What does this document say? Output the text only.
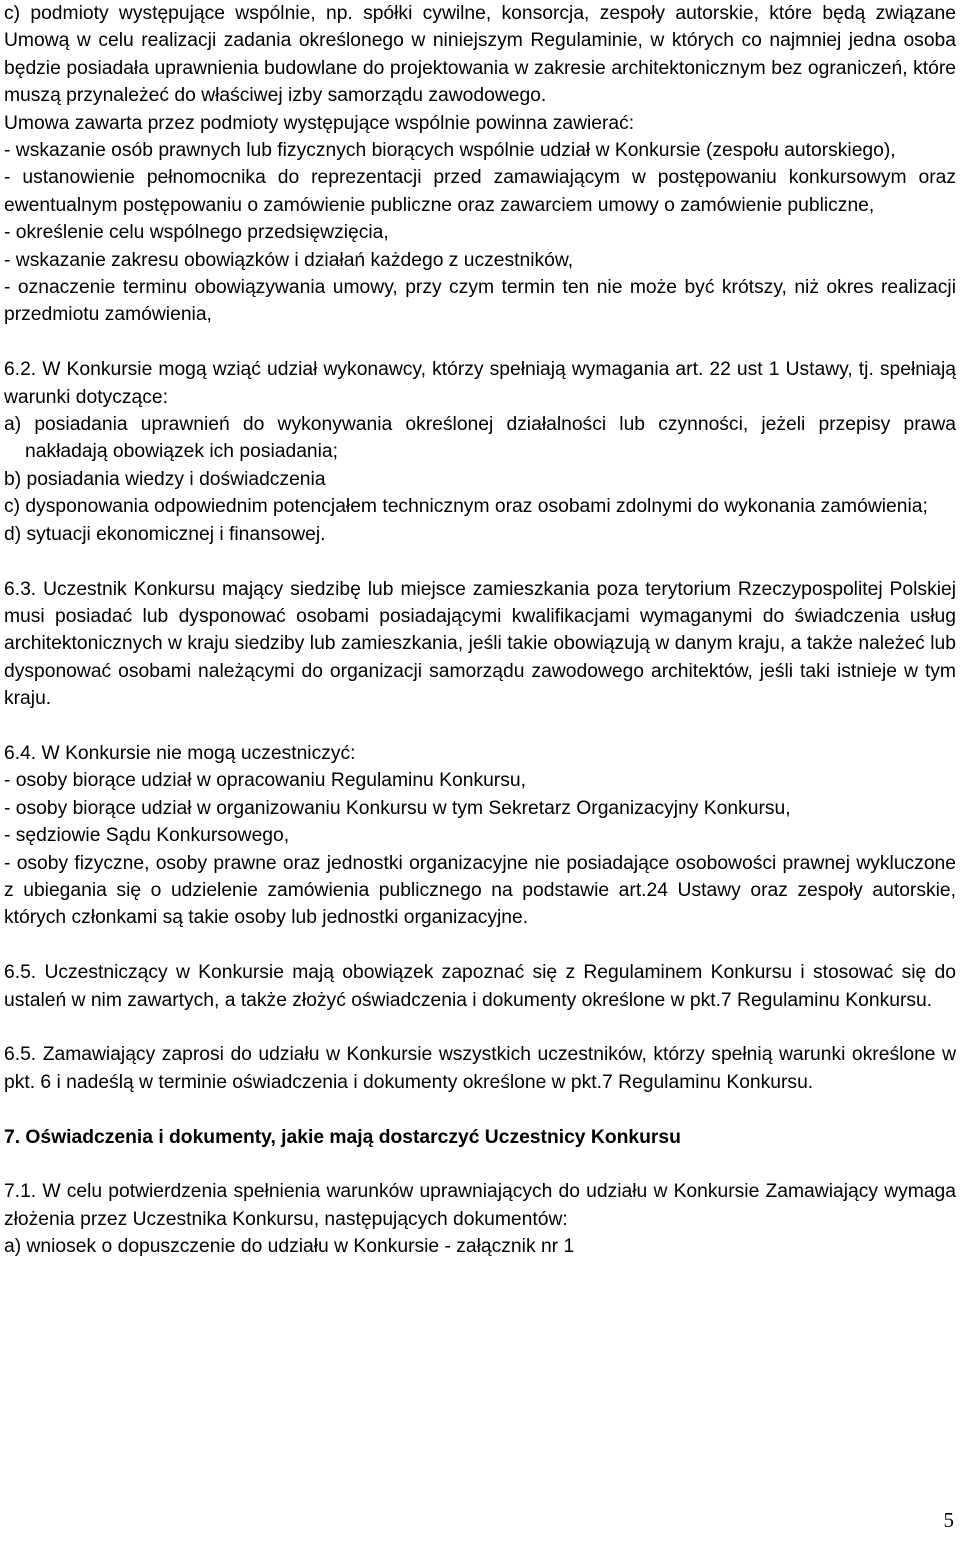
c) podmioty występujące wspólnie, np. spółki cywilne, konsorcja, zespoły autorskie, które będą związane Umową w celu realizacji zadania określonego w niniejszym Regulaminie, w których co najmniej jedna osoba będzie posiadała uprawnienia budowlane do projektowania w zakresie architektonicznym bez ograniczeń, które muszą przynależeć do właściwej izby samorządu zawodowego.

Umowa zawarta przez podmioty występujące wspólnie powinna zawierać:

- wskazanie osób prawnych lub fizycznych biorących wspólnie udział w Konkursie (zespołu autorskiego),

- ustanowienie pełnomocnika do reprezentacji przed zamawiającym w postępowaniu konkursowym oraz ewentualnym postępowaniu o zamówienie publiczne oraz zawarciem umowy o zamówienie publiczne,

- określenie celu wspólnego przedsięwzięcia,

- wskazanie zakresu obowiązków i działań każdego z uczestników,

- oznaczenie terminu obowiązywania umowy, przy czym termin ten nie może być krótszy, niż okres realizacji przedmiotu zamówienia,

6.2. W Konkursie mogą wziąć udział wykonawcy, którzy spełniają wymagania art. 22 ust 1 Ustawy, tj. spełniają warunki dotyczące:

a) posiadania uprawnień do wykonywania określonej działalności lub czynności, jeżeli przepisy prawa nakładają obowiązek ich posiadania;

b) posiadania wiedzy i doświadczenia

c) dysponowania odpowiednim potencjałem technicznym oraz osobami zdolnymi do wykonania zamówienia;

d) sytuacji ekonomicznej i finansowej.

6.3. Uczestnik Konkursu mający siedzibę lub miejsce zamieszkania poza terytorium Rzeczypospolitej Polskiej musi posiadać lub dysponować osobami posiadającymi kwalifikacjami wymaganymi do świadczenia usług architektonicznych w kraju siedziby lub zamieszkania, jeśli takie obowiązują w danym kraju, a także należeć lub dysponować osobami należącymi do organizacji samorządu zawodowego architektów, jeśli taki istnieje w tym kraju.

6.4. W Konkursie nie mogą uczestniczyć:

- osoby biorące udział w opracowaniu Regulaminu Konkursu,

- osoby biorące udział w organizowaniu Konkursu w tym Sekretarz Organizacyjny Konkursu,

- sędziowie Sądu Konkursowego,

- osoby fizyczne, osoby prawne oraz jednostki organizacyjne nie posiadające osobowości prawnej wykluczone z ubiegania się o udzielenie zamówienia publicznego na podstawie art.24 Ustawy oraz zespoły autorskie, których członkami są takie osoby lub jednostki organizacyjne.

6.5. Uczestniczący w Konkursie mają obowiązek zapoznać się z Regulaminem Konkursu i stosować się do ustaleń w nim zawartych, a także złożyć oświadczenia i dokumenty określone w pkt.7 Regulaminu Konkursu.

6.5. Zamawiający zaprosi do udziału w Konkursie wszystkich uczestników, którzy spełnią warunki określone w pkt. 6 i nadeślą w terminie oświadczenia i dokumenty określone w pkt.7 Regulaminu Konkursu.

7. Oświadczenia i dokumenty, jakie mają dostarczyć Uczestnicy Konkursu

7.1. W celu potwierdzenia spełnienia warunków uprawniających do udziału w Konkursie Zamawiający wymaga złożenia przez Uczestnika Konkursu, następujących dokumentów:

a) wniosek o dopuszczenie do udziału w Konkursie - załącznik nr 1

5
